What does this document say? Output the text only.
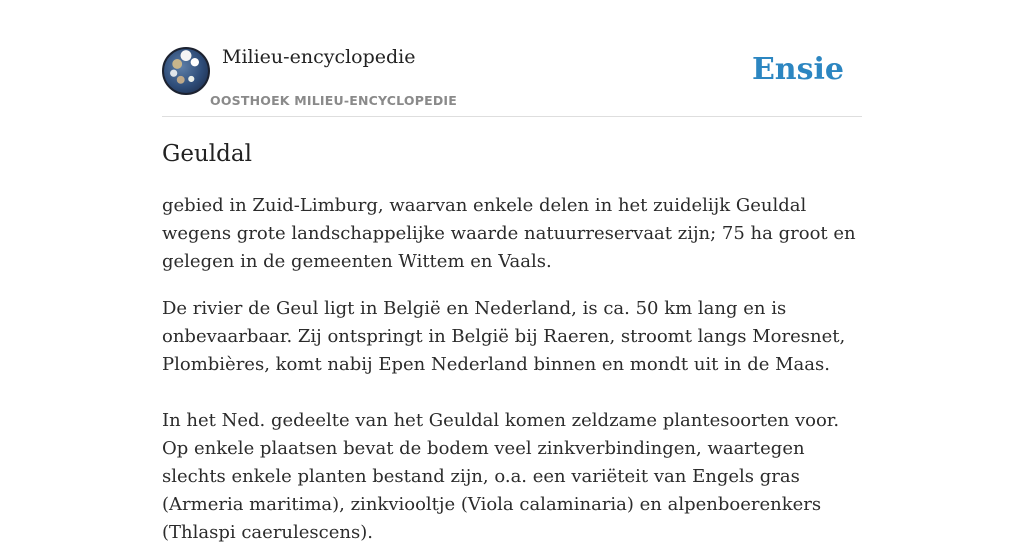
Milieu-encyclopedie
OOSTHOEK MILIEU-ENCYCLOPEDIE
Ensie
Geuldal

gebied in Zuid-Limburg, waarvan enkele delen in het zuidelijk Geuldal wegens grote landschappelijke waarde natuurreservaat zijn; 75 ha groot en gelegen in de gemeenten Wittem en Vaals.

De rivier de Geul ligt in België en Nederland, is ca. 50 km lang en is onbevaarbaar. Zij ontspringt in België bij Raeren, stroomt langs Moresnet, Plombières, komt nabij Epen Nederland binnen en mondt uit in de Maas.

In het Ned. gedeelte van het Geuldal komen zeldzame plantesoorten voor. Op enkele plaatsen bevat de bodem veel zinkverbindingen, waartegen slechts enkele planten bestand zijn, o.a. een variëteit van Engels gras (Armeria maritima), zinkviooltje (Viola calaminaria) en alpenboerenkers (Thlaspi caerulescens).
